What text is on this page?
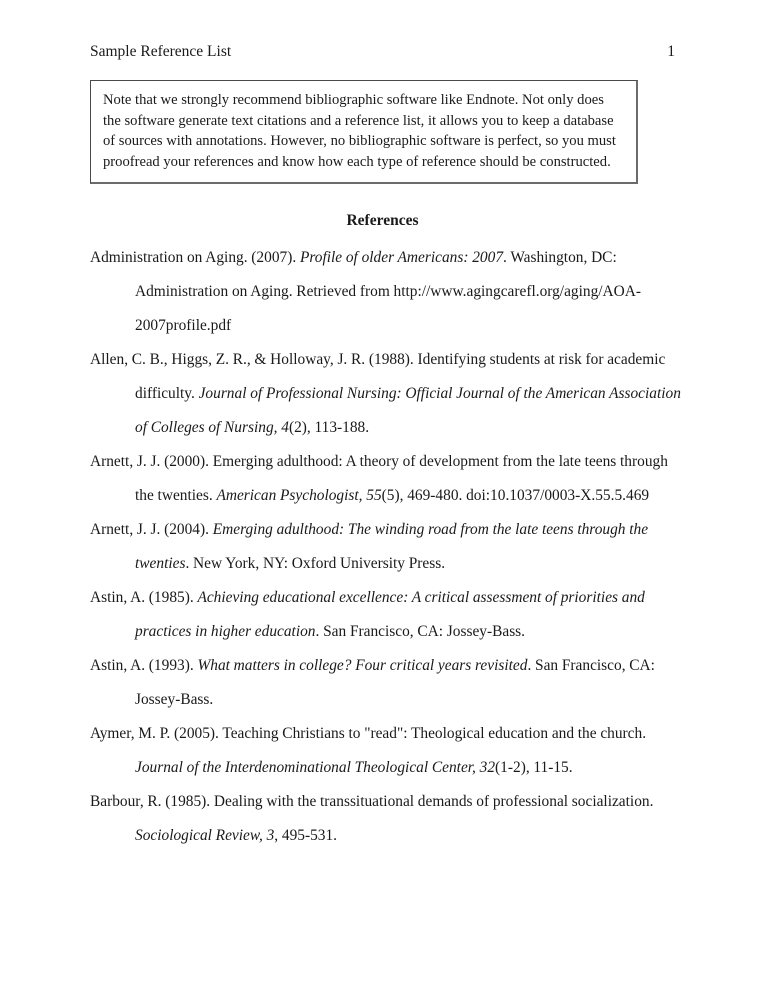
Sample Reference List	1

Note that we strongly recommend bibliographic software like Endnote. Not only does the software generate text citations and a reference list, it allows you to keep a database of sources with annotations. However, no bibliographic software is perfect, so you must proofread your references and know how each type of reference should be constructed.

References
Administration on Aging. (2007). Profile of older Americans: 2007. Washington, DC: Administration on Aging. Retrieved from http://www.agingcarefl.org/aging/AOA-2007profile.pdf
Allen, C. B., Higgs, Z. R., & Holloway, J. R. (1988). Identifying students at risk for academic difficulty. Journal of Professional Nursing: Official Journal of the American Association of Colleges of Nursing, 4(2), 113-188.
Arnett, J. J. (2000). Emerging adulthood: A theory of development from the late teens through the twenties. American Psychologist, 55(5), 469-480. doi:10.1037/0003-X.55.5.469
Arnett, J. J. (2004). Emerging adulthood: The winding road from the late teens through the twenties. New York, NY: Oxford University Press.
Astin, A. (1985). Achieving educational excellence: A critical assessment of priorities and practices in higher education. San Francisco, CA: Jossey-Bass.
Astin, A. (1993). What matters in college? Four critical years revisited. San Francisco, CA: Jossey-Bass.
Aymer, M. P. (2005). Teaching Christians to "read": Theological education and the church. Journal of the Interdenominational Theological Center, 32(1-2), 11-15.
Barbour, R. (1985). Dealing with the transsituational demands of professional socialization. Sociological Review, 3, 495-531.
